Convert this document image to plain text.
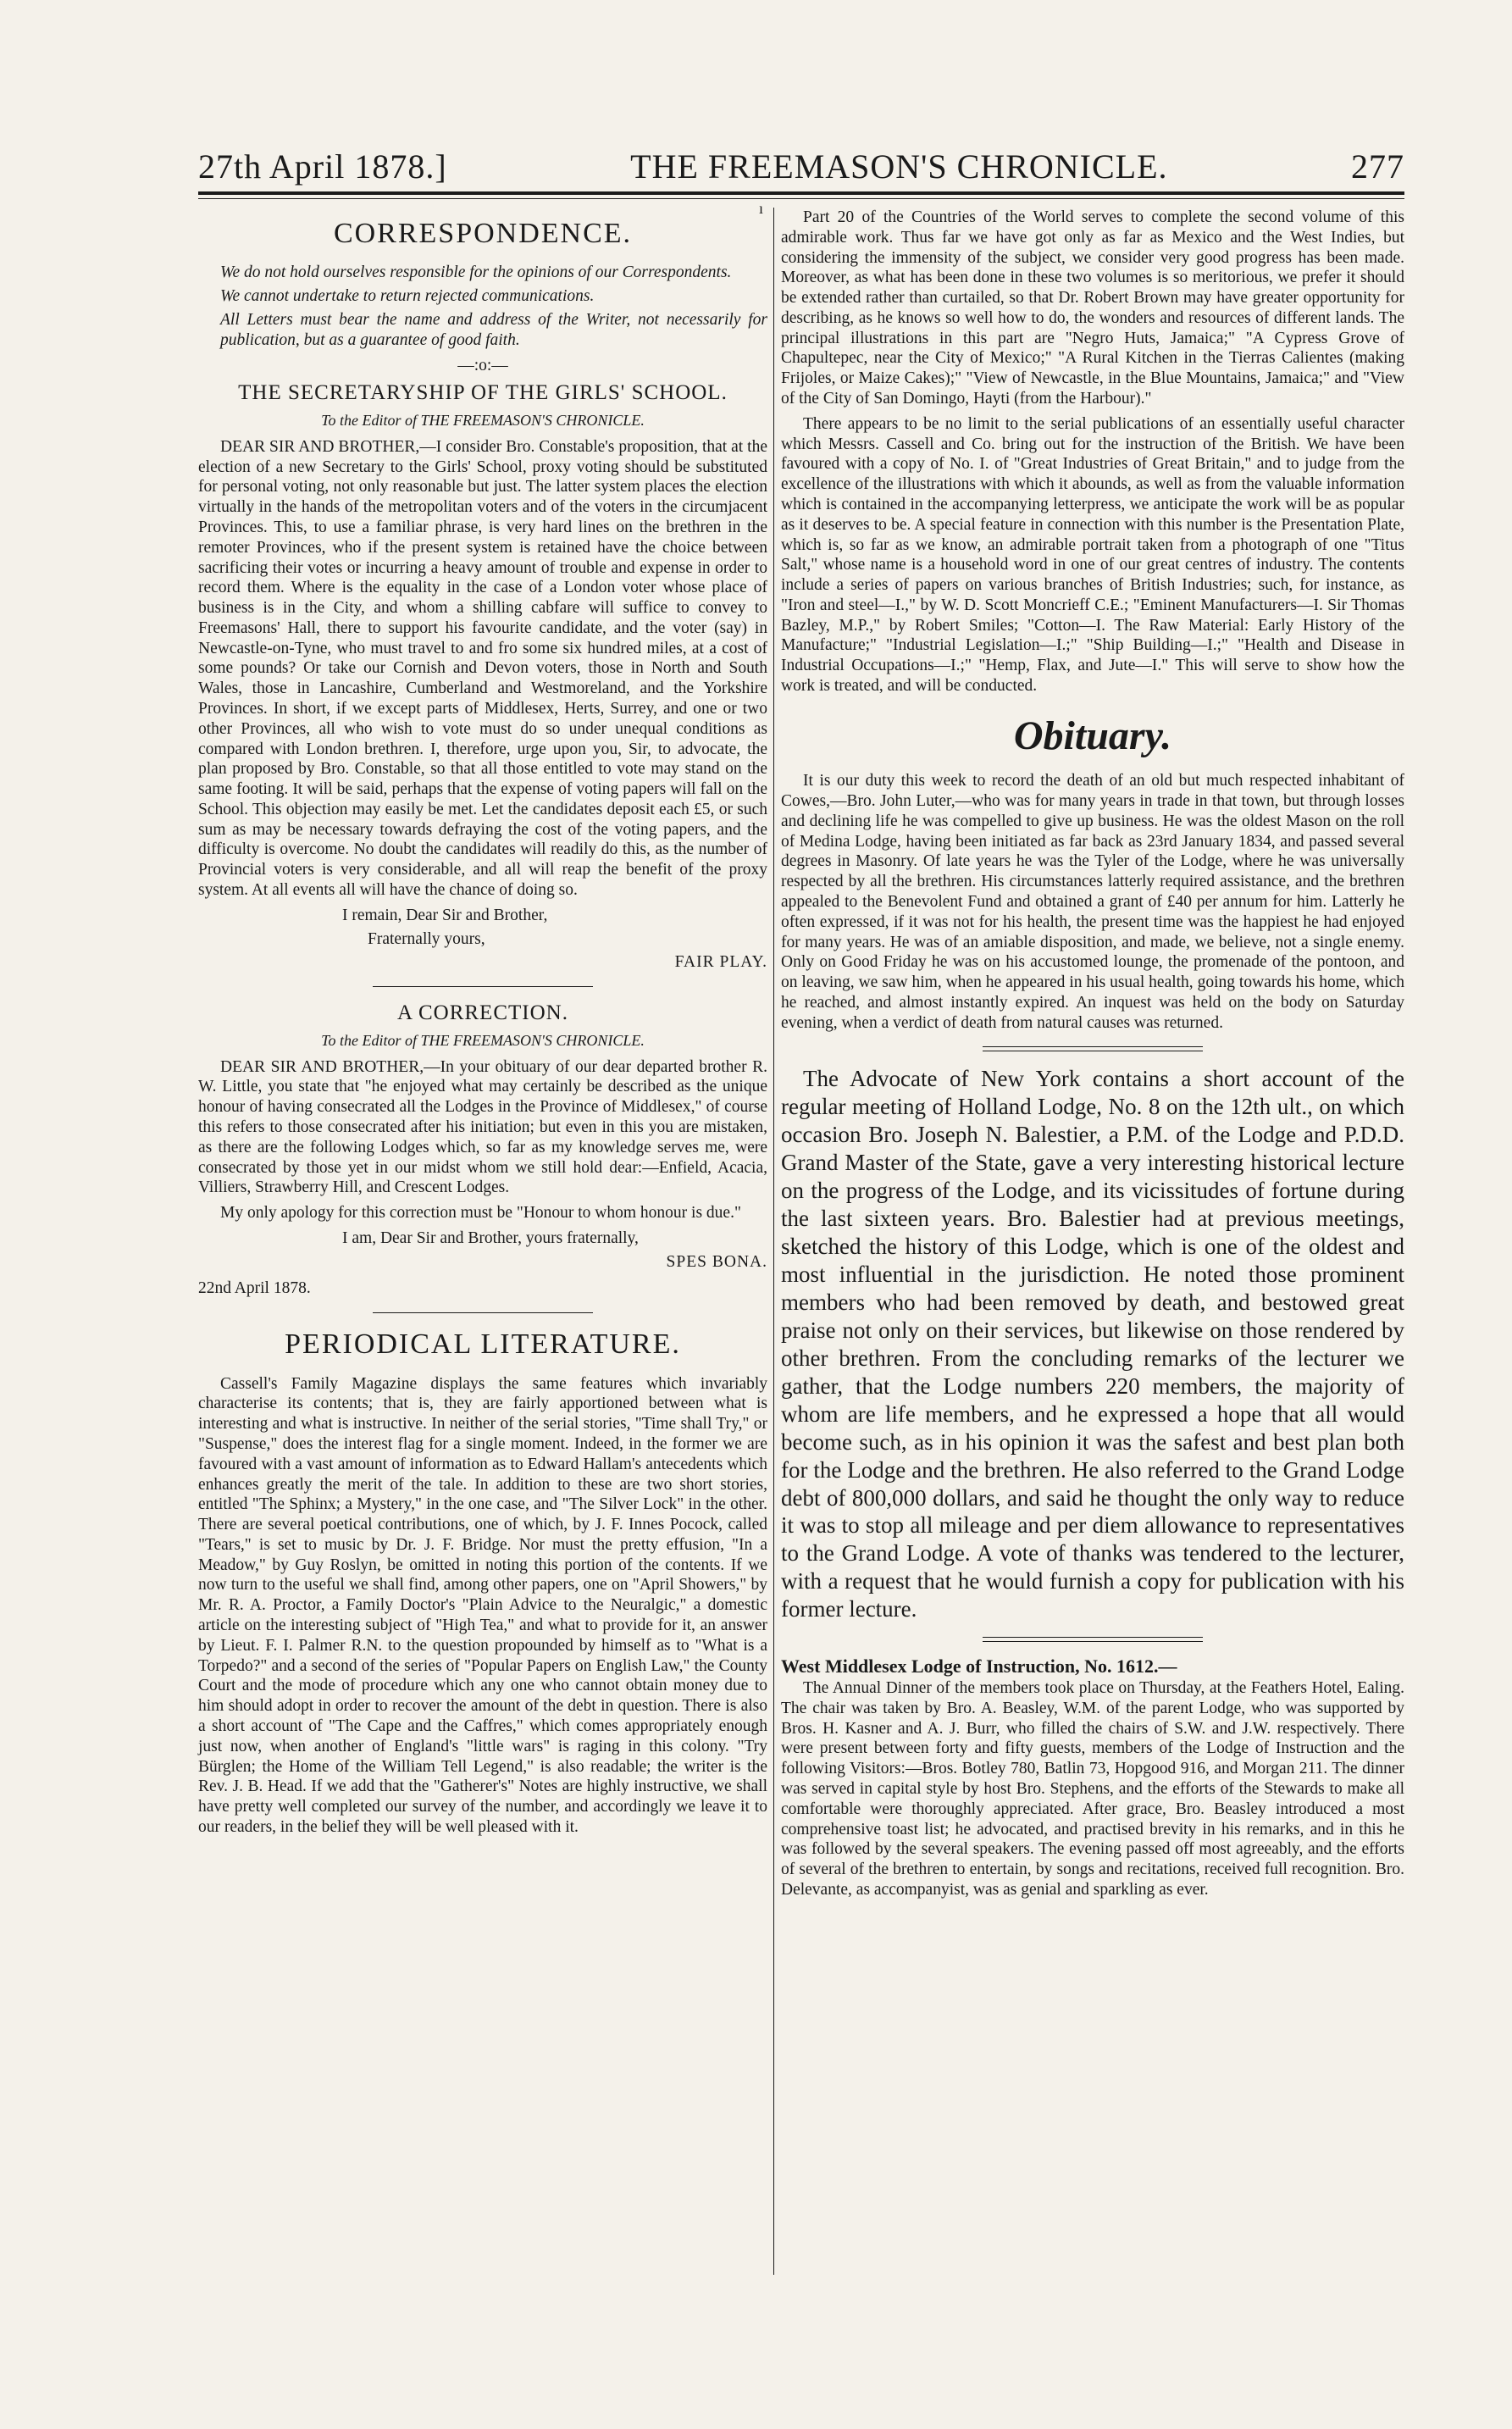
27th April 1878.]	THE FREEMASON'S CHRONICLE.	277
ı
CORRESPONDENCE.

We do not hold ourselves responsible for the opinions of our Correspondents.

We cannot undertake to return rejected communications.

All Letters must bear the name and address of the Writer, not necessarily for publication, but as a guarantee of good faith.

—:o:—
THE SECRETARYSHIP OF THE GIRLS' SCHOOL.
To the Editor of THE FREEMASON'S CHRONICLE.

DEAR SIR AND BROTHER,—I consider Bro. Constable's proposition, that at the election of a new Secretary to the Girls' School, proxy voting should be substituted for personal voting, not only reasonable but just. The latter system places the election virtually in the hands of the metropolitan voters and of the voters in the circumjacent Provinces. This, to use a familiar phrase, is very hard lines on the brethren in the remoter Provinces, who if the present system is retained have the choice between sacrificing their votes or incurring a heavy amount of trouble and expense in order to record them. Where is the equality in the case of a London voter whose place of business is in the City, and whom a shilling cabfare will suffice to convey to Freemasons' Hall, there to support his favourite candidate, and the voter (say) in Newcastle-on-Tyne, who must travel to and fro some six hundred miles, at a cost of some pounds? Or take our Cornish and Devon voters, those in North and South Wales, those in Lancashire, Cumberland and Westmoreland, and the Yorkshire Provinces. In short, if we except parts of Middlesex, Herts, Surrey, and one or two other Provinces, all who wish to vote must do so under unequal conditions as compared with London brethren. I, therefore, urge upon you, Sir, to advocate, the plan proposed by Bro. Constable, so that all those entitled to vote may stand on the same footing. It will be said, perhaps that the expense of voting papers will fall on the School. This objection may easily be met. Let the candidates deposit each £5, or such sum as may be necessary towards defraying the cost of the voting papers, and the difficulty is overcome. No doubt the candidates will readily do this, as the number of Provincial voters is very considerable, and all will reap the benefit of the proxy system. At all events all will have the chance of doing so.

I remain, Dear Sir and Brother,
Fraternally yours,
FAIR PLAY.
A CORRECTION.
To the Editor of THE FREEMASON'S CHRONICLE.

DEAR SIR AND BROTHER,—In your obituary of our dear departed brother R. W. Little, you state that "he enjoyed what may certainly be described as the unique honour of having consecrated all the Lodges in the Province of Middlesex," of course this refers to those consecrated after his initiation; but even in this you are mistaken, as there are the following Lodges which, so far as my knowledge serves me, were consecrated by those yet in our midst whom we still hold dear:—Enfield, Acacia, Villiers, Strawberry Hill, and Crescent Lodges.

My only apology for this correction must be "Honour to whom honour is due."

I am, Dear Sir and Brother, yours fraternally,
SPES BONA.
22nd April 1878.
PERIODICAL LITERATURE.

Cassell's Family Magazine displays the same features which invariably characterise its contents; that is, they are fairly apportioned between what is interesting and what is instructive. In neither of the serial stories, "Time shall Try," or "Suspense," does the interest flag for a single moment. Indeed, in the former we are favoured with a vast amount of information as to Edward Hallam's antecedents which enhances greatly the merit of the tale. In addition to these are two short stories, entitled "The Sphinx; a Mystery," in the one case, and "The Silver Lock" in the other. There are several poetical contributions, one of which, by J. F. Innes Pocock, called "Tears," is set to music by Dr. J. F. Bridge. Nor must the pretty effusion, "In a Meadow," by Guy Roslyn, be omitted in noting this portion of the contents. If we now turn to the useful we shall find, among other papers, one on "April Showers," by Mr. R. A. Proctor, a Family Doctor's "Plain Advice to the Neuralgic," a domestic article on the interesting subject of "High Tea," and what to provide for it, an answer by Lieut. F. I. Palmer R.N. to the question propounded by himself as to "What is a Torpedo?" and a second of the series of "Popular Papers on English Law," the County Court and the mode of procedure which any one who cannot obtain money due to him should adopt in order to recover the amount of the debt in question. There is also a short account of "The Cape and the Caffres," which comes appropriately enough just now, when another of England's "little wars" is raging in this colony. "Try Bürglen; the Home of the William Tell Legend," is also readable; the writer is the Rev. J. B. Head. If we add that the "Gatherer's" Notes are highly instructive, we shall have pretty well completed our survey of the number, and accordingly we leave it to our readers, in the belief they will be well pleased with it.

Part 20 of the Countries of the World serves to complete the second volume of this admirable work. Thus far we have got only as far as Mexico and the West Indies, but considering the immensity of the subject, we consider very good progress has been made. Moreover, as what has been done in these two volumes is so meritorious, we prefer it should be extended rather than curtailed, so that Dr. Robert Brown may have greater opportunity for describing, as he knows so well how to do, the wonders and resources of different lands. The principal illustrations in this part are "Negro Huts, Jamaica;" "A Cypress Grove of Chapultepec, near the City of Mexico;" "A Rural Kitchen in the Tierras Calientes (making Frijoles, or Maize Cakes);" "View of Newcastle, in the Blue Mountains, Jamaica;" and "View of the City of San Domingo, Hayti (from the Harbour)."

There appears to be no limit to the serial publications of an essentially useful character which Messrs. Cassell and Co. bring out for the instruction of the British. We have been favoured with a copy of No. I. of "Great Industries of Great Britain," and to judge from the excellence of the illustrations with which it abounds, as well as from the valuable information which is contained in the accompanying letterpress, we anticipate the work will be as popular as it deserves to be. A special feature in connection with this number is the Presentation Plate, which is, so far as we know, an admirable portrait taken from a photograph of one "Titus Salt," whose name is a household word in one of our great centres of industry. The contents include a series of papers on various branches of British Industries; such, for instance, as "Iron and steel—I.," by W. D. Scott Moncrieff C.E.; "Eminent Manufacturers—I. Sir Thomas Bazley, M.P.," by Robert Smiles; "Cotton—I. The Raw Material: Early History of the Manufacture;" "Industrial Legislation—I.;" "Ship Building—I.;" "Health and Disease in Industrial Occupations—I.;" "Hemp, Flax, and Jute—I." This will serve to show how the work is treated, and will be conducted.

Obituary.

It is our duty this week to record the death of an old but much respected inhabitant of Cowes,—Bro. John Luter,—who was for many years in trade in that town, but through losses and declining life he was compelled to give up business. He was the oldest Mason on the roll of Medina Lodge, having been initiated as far back as 23rd January 1834, and passed several degrees in Masonry. Of late years he was the Tyler of the Lodge, where he was universally respected by all the brethren. His circumstances latterly required assistance, and the brethren appealed to the Benevolent Fund and obtained a grant of £40 per annum for him. Latterly he often expressed, if it was not for his health, the present time was the happiest he had enjoyed for many years. He was of an amiable disposition, and made, we believe, not a single enemy. Only on Good Friday he was on his accustomed lounge, the promenade of the pontoon, and on leaving, we saw him, when he appeared in his usual health, going towards his home, which he reached, and almost instantly expired. An inquest was held on the body on Saturday evening, when a verdict of death from natural causes was returned.

The Advocate of New York contains a short account of the regular meeting of Holland Lodge, No. 8 on the 12th ult., on which occasion Bro. Joseph N. Balestier, a P.M. of the Lodge and P.D.D. Grand Master of the State, gave a very interesting historical lecture on the progress of the Lodge, and its vicissitudes of fortune during the last sixteen years. Bro. Balestier had at previous meetings, sketched the history of this Lodge, which is one of the oldest and most influential in the jurisdiction. He noted those prominent members who had been removed by death, and bestowed great praise not only on their services, but likewise on those rendered by other brethren. From the concluding remarks of the lecturer we gather, that the Lodge numbers 220 members, the majority of whom are life members, and he expressed a hope that all would become such, as in his opinion it was the safest and best plan both for the Lodge and the brethren. He also referred to the Grand Lodge debt of 800,000 dollars, and said he thought the only way to reduce it was to stop all mileage and per diem allowance to representatives to the Grand Lodge. A vote of thanks was tendered to the lecturer, with a request that he would furnish a copy for publication with his former lecture.

West Middlesex Lodge of Instruction, No. 1612.—

The Annual Dinner of the members took place on Thursday, at the Feathers Hotel, Ealing. The chair was taken by Bro. A. Beasley, W.M. of the parent Lodge, who was supported by Bros. H. Kasner and A. J. Burr, who filled the chairs of S.W. and J.W. respectively. There were present between forty and fifty guests, members of the Lodge of Instruction and the following Visitors:—Bros. Botley 780, Batlin 73, Hopgood 916, and Morgan 211. The dinner was served in capital style by host Bro. Stephens, and the efforts of the Stewards to make all comfortable were thoroughly appreciated. After grace, Bro. Beasley introduced a most comprehensive toast list; he advocated, and practised brevity in his remarks, and in this he was followed by the several speakers. The evening passed off most agreeably, and the efforts of several of the brethren to entertain, by songs and recitations, received full recognition. Bro. Delevante, as accompanyist, was as genial and sparkling as ever.
